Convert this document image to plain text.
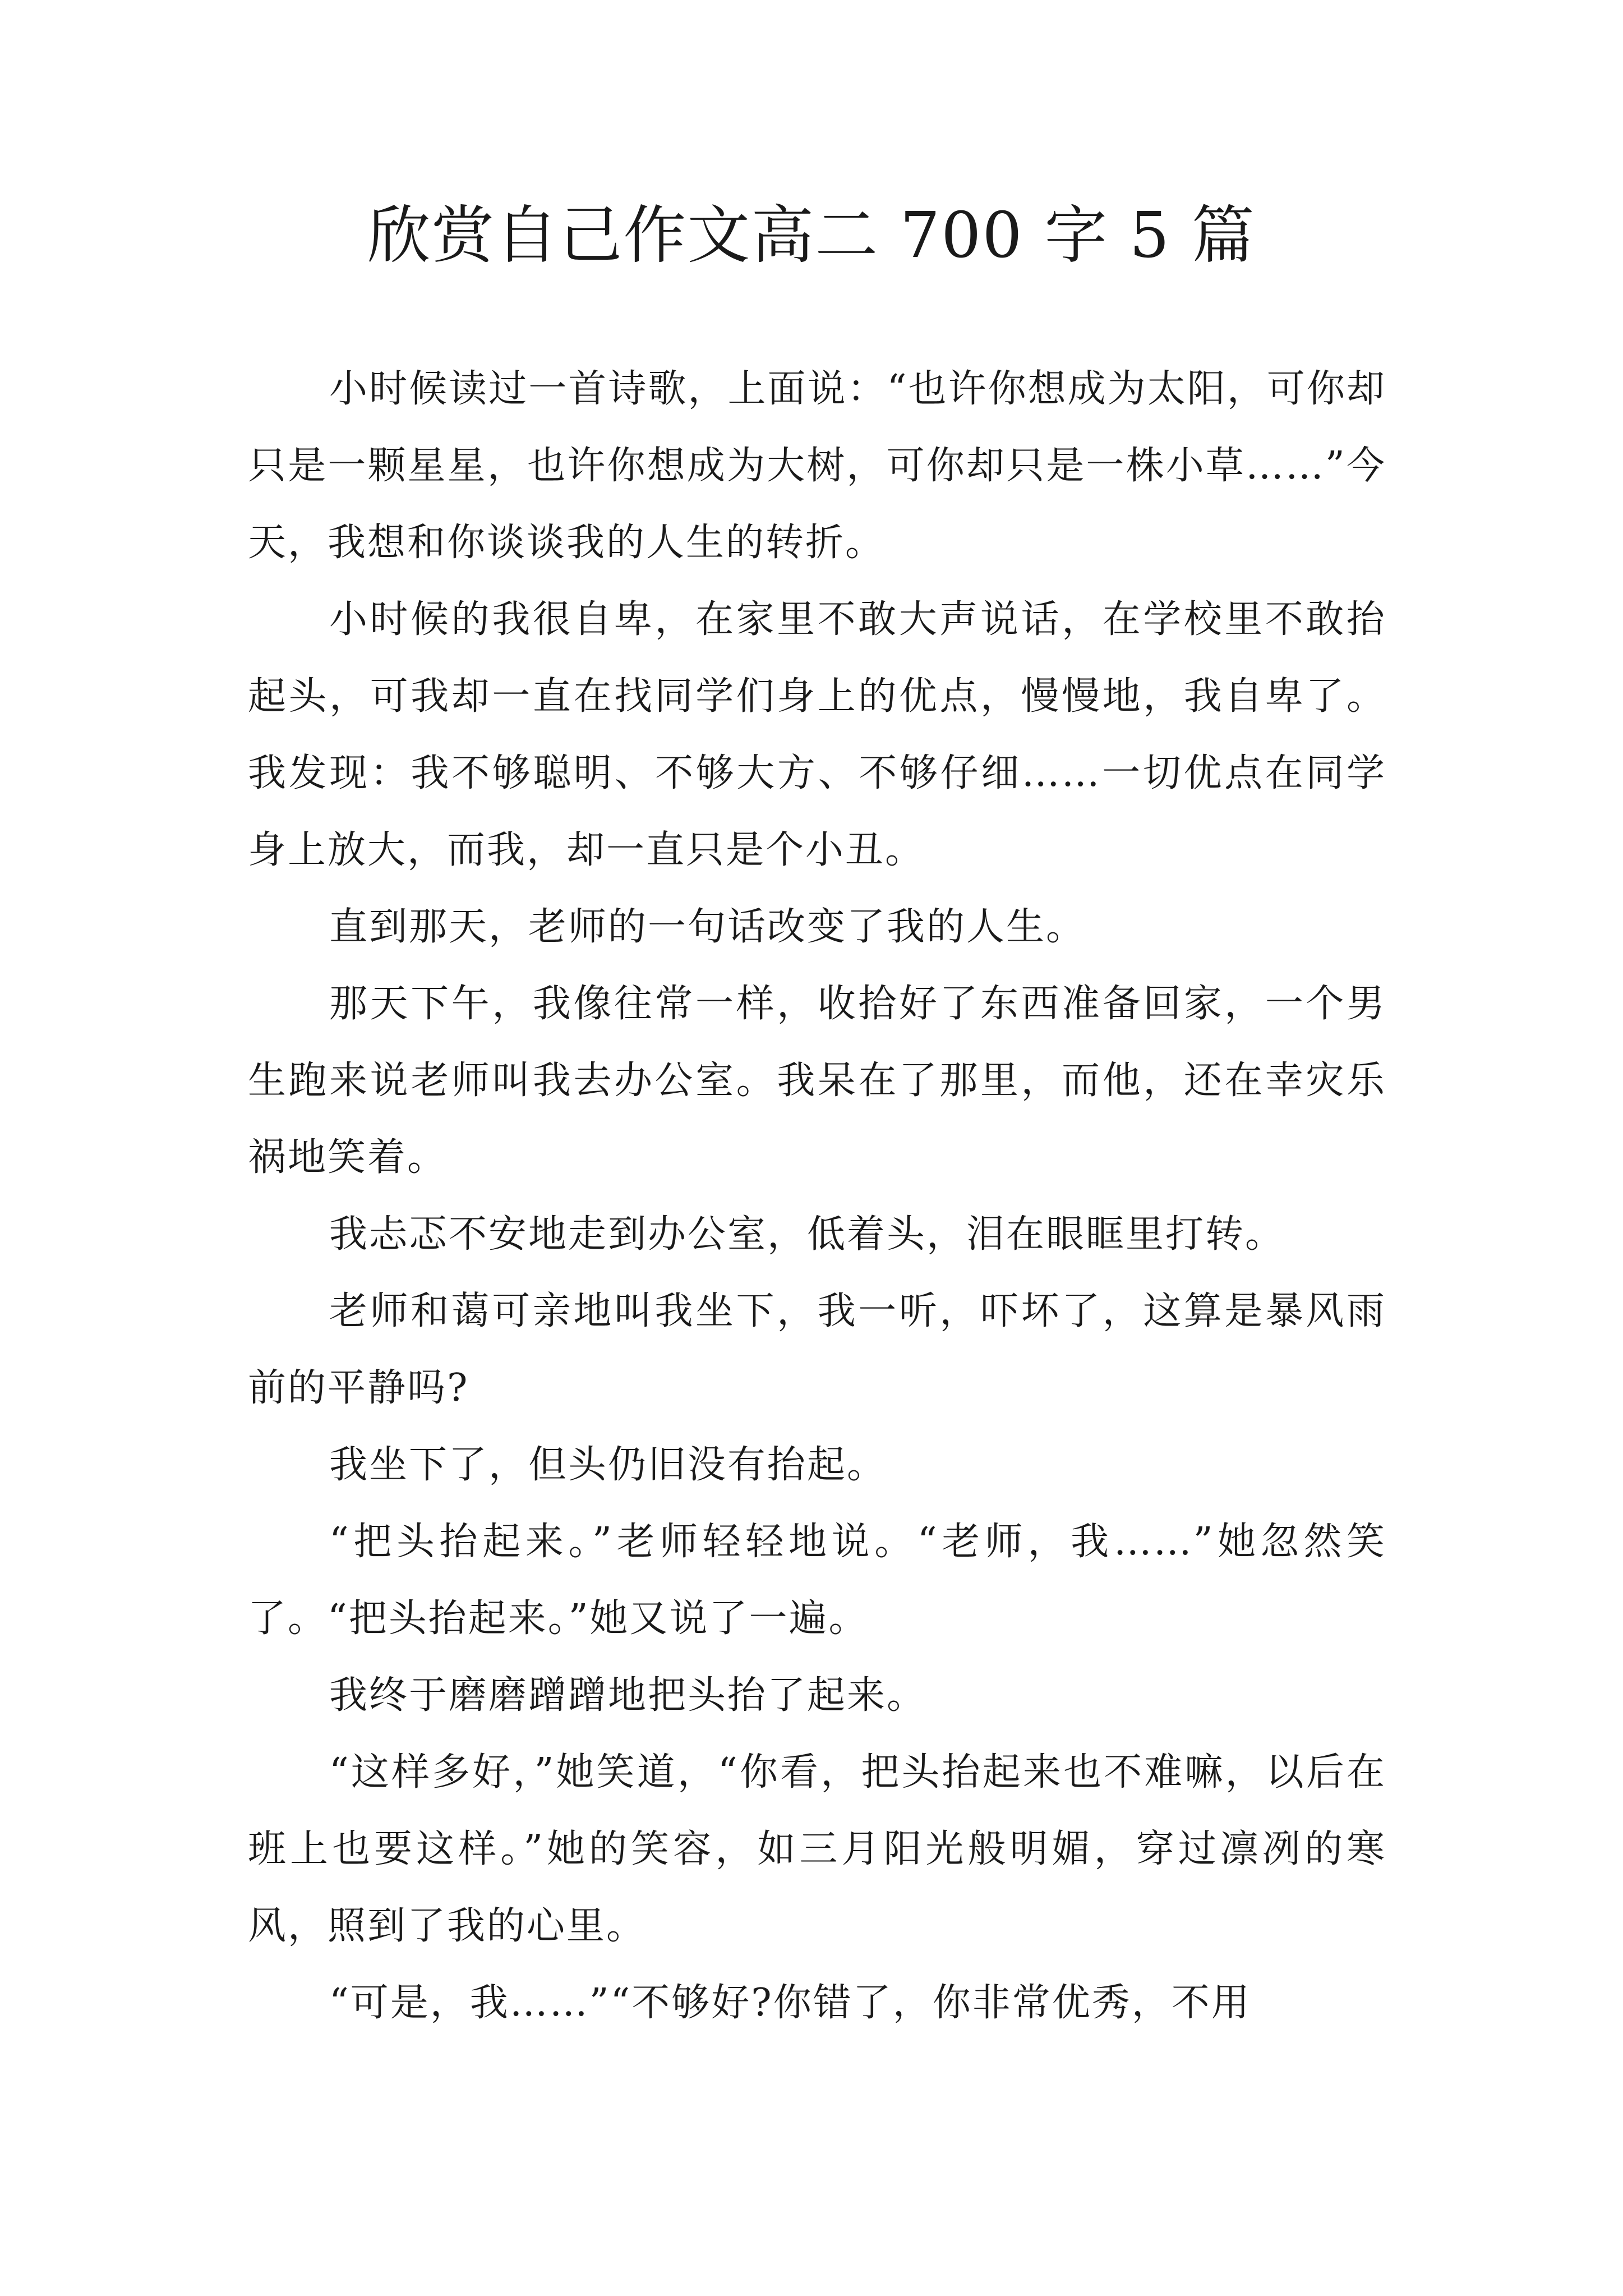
欣赏自己作文高二 700 字 5 篇

小时候读过一首诗歌，上面说：“也许你想成为太阳，可你却只是一颗星星，也许你想成为大树，可你却只是一株小草……”今天，我想和你谈谈我的人生的转折。

小时候的我很自卑，在家里不敢大声说话，在学校里不敢抬起头，可我却一直在找同学们身上的优点，慢慢地，我自卑了。我发现：我不够聪明、不够大方、不够仔细……一切优点在同学身上放大，而我，却一直只是个小丑。

直到那天，老师的一句话改变了我的人生。

那天下午，我像往常一样，收拾好了东西准备回家，一个男生跑来说老师叫我去办公室。我呆在了那里，而他，还在幸灾乐祸地笑着。

我忐忑不安地走到办公室，低着头，泪在眼眶里打转。

老师和蔼可亲地叫我坐下，我一听，吓坏了，这算是暴风雨前的平静吗?

我坐下了，但头仍旧没有抬起。

“把头抬起来。”老师轻轻地说。“老师，我……”她忽然笑了。“把头抬起来。”她又说了一遍。

我终于磨磨蹭蹭地把头抬了起来。

“这样多好，”她笑道，“你看，把头抬起来也不难嘛，以后在班上也要这样。”她的笑容，如三月阳光般明媚，穿过凛冽的寒风，照到了我的心里。

“可是，我……”“不够好?你错了，你非常优秀，不用
